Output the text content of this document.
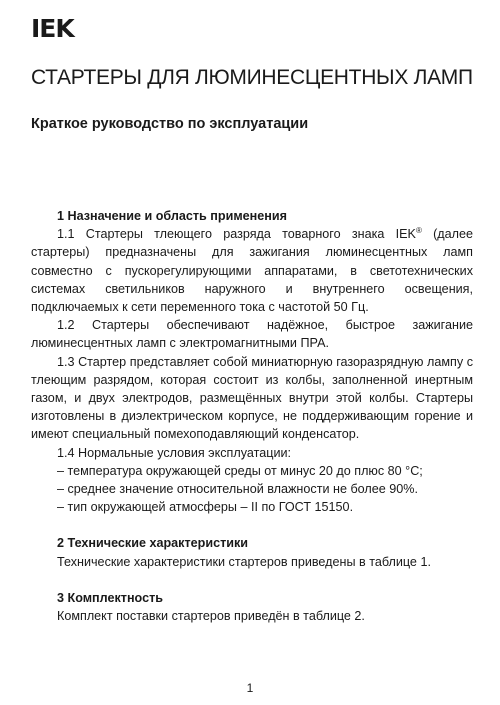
IEK
СТАРТЕРЫ ДЛЯ ЛЮМИНЕСЦЕНТНЫХ ЛАМП
Краткое руководство по эксплуатации

1 Назначение и область применения

1.1 Стартеры тлеющего разряда товарного знака IEK® (далее стартеры) предназначены для зажигания люминесцентных ламп совместно с пускорегулирующими аппаратами, в светотехнических системах светильников наружного и внутреннего освещения, подключаемых к сети переменного тока с частотой 50 Гц.

1.2 Стартеры обеспечивают надёжное, быстрое зажигание люминесцентных ламп с электромагнитными ПРА.

1.3 Стартер представляет собой миниатюрную газоразрядную лампу с тлеющим разрядом, которая состоит из колбы, заполненной инертным газом, и двух электродов, размещённых внутри этой колбы. Стартеры изготовлены в диэлектрическом корпусе, не поддерживающим горение и имеют специальный помехоподавляющий конденсатор.

1.4 Нормальные условия эксплуатации:

– температура окружающей среды от минус 20 до плюс 80 °С;

– среднее значение относительной влажности не более 90%.

– тип окружающей атмосферы – II по ГОСТ 15150.

2 Технические характеристики

Технические характеристики стартеров приведены в таблице 1.

3 Комплектность

Комплект поставки стартеров приведён в таблице 2.

1
